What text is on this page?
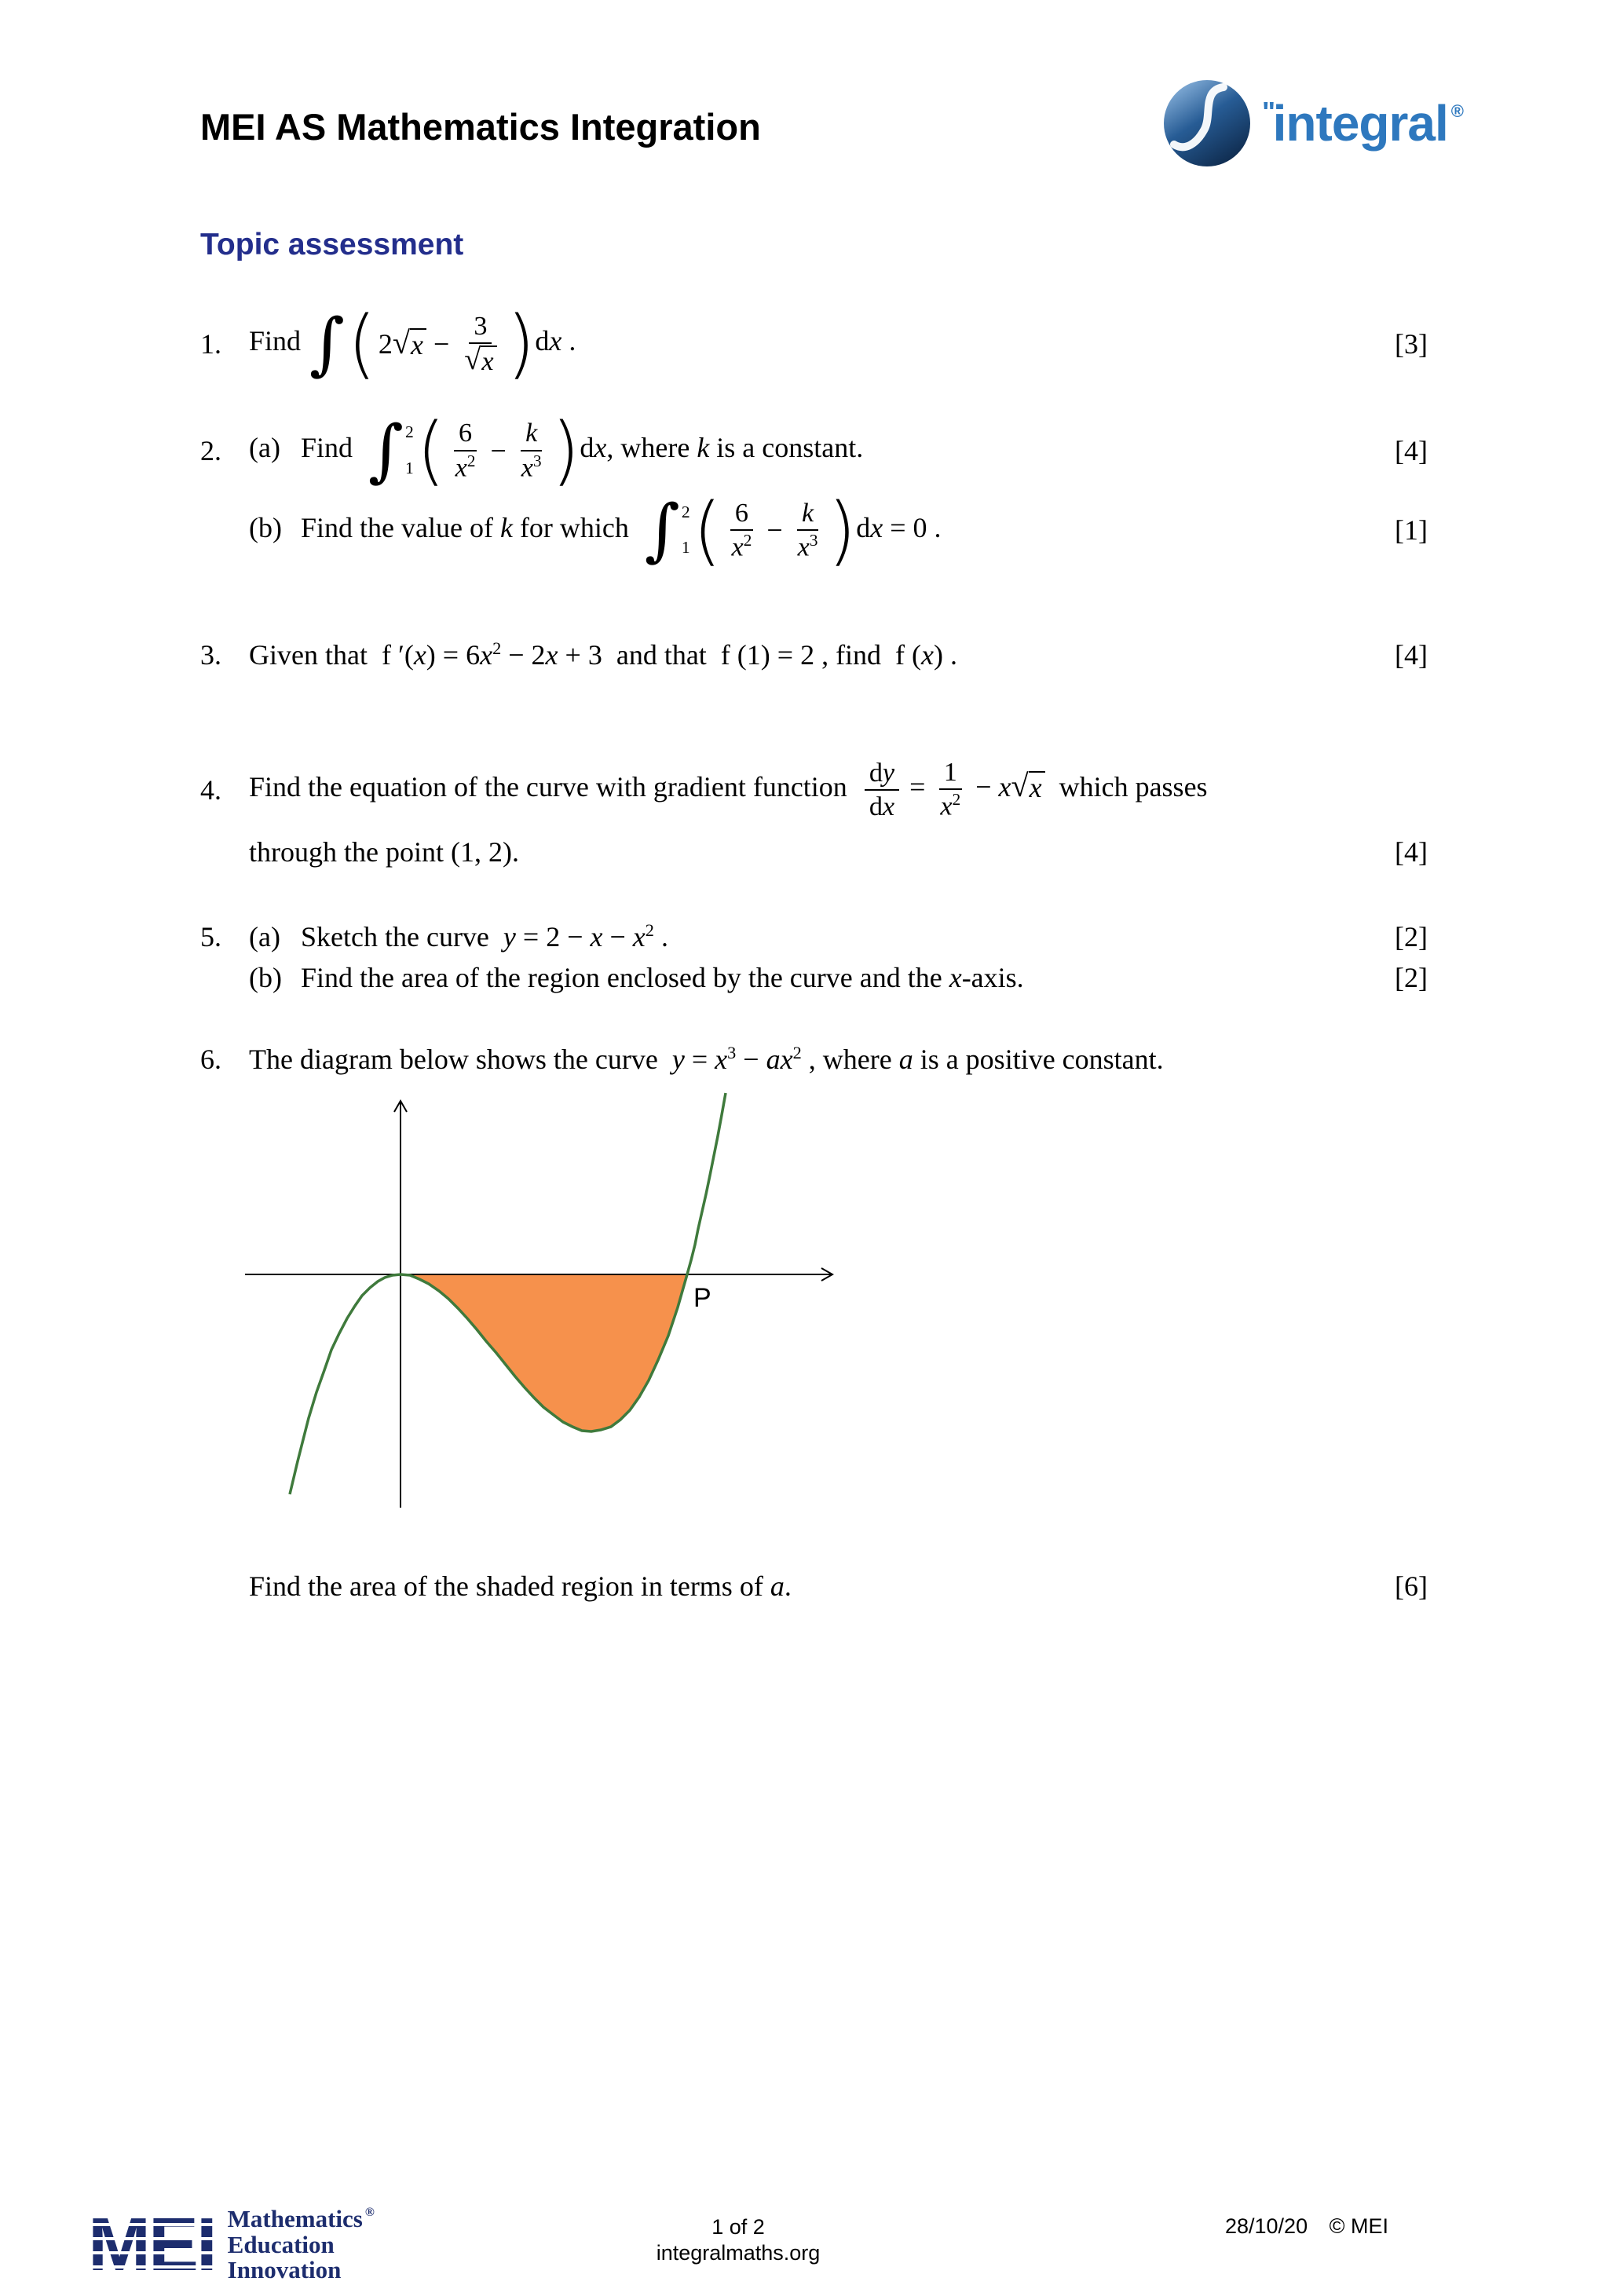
MEI AS Mathematics Integration	''integral ®
Topic assessment
1. Find ∫ ( 2 √ $x - \frac{3}{√ x}$ ) dx .	[3]
2. (a) Find ∫ 2
1 ( $\frac{6}{x^2} - \frac{k}{x^3}$ ) dx, where k is a constant.	[4]
(b) Find the value of k for which ∫ 2
1 ( $\frac{6}{x^2} - \frac{k}{x^3}$ ) dx = 0 .	[1]
3. Given that  f $'(x) = 6x^2 - 2x + 3$  and that  f (1) = 2 , find  f (x) .	[4]
4. Find the equation of the curve with gradient function $\frac{dy}{dx} = \frac{1}{x^2} - x$ √ x which passes
through the point (1, 2).	[4]
5. (a) Sketch the curve  $y = 2 - x - x^2$ .	[2]
(b) Find the area of the region enclosed by the curve and the x-axis.	[2]
6. The diagram below shows the curve  $y = x^3 - ax^2$ , where a is a positive constant.
P
Find the area of the shaded region in terms of a.	[6]
MEI Mathematics ®
Education
Innovation
1 of 2
integralmaths.org
28/10/20 © MEI
